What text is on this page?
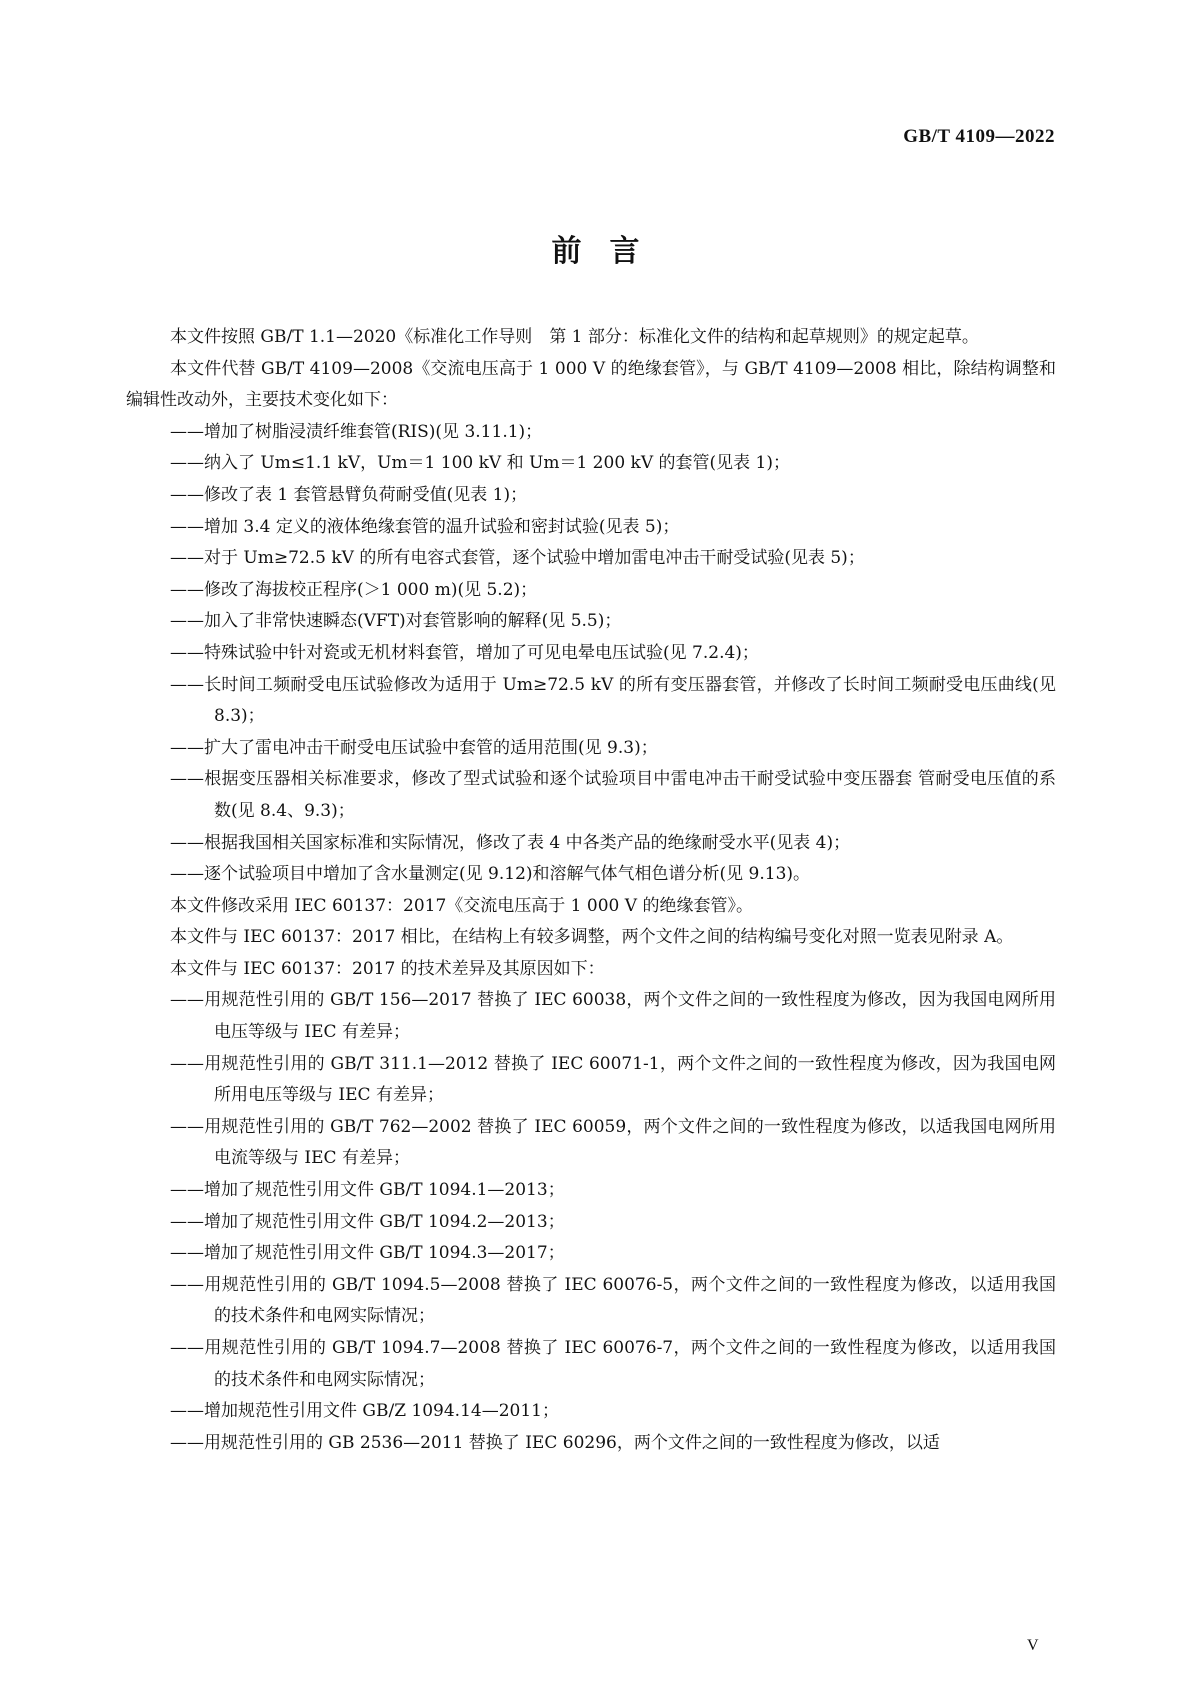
GB/T 4109—2022
前言

本文件按照 GB/T 1.1—2020《标准化工作导则　第 1 部分：标准化文件的结构和起草规则》的规定起草。

本文件代替 GB/T 4109—2008《交流电压高于 1 000 V 的绝缘套管》，与 GB/T 4109—2008 相比，除结构调整和编辑性改动外，主要技术变化如下：

——增加了树脂浸渍纤维套管(RIS)(见 3.11.1)；

——纳入了 Um≤1.1 kV，Um＝1 100 kV 和 Um＝1 200 kV 的套管(见表 1)；

——修改了表 1 套管悬臂负荷耐受值(见表 1)；

——增加 3.4 定义的液体绝缘套管的温升试验和密封试验(见表 5)；

——对于 Um≥72.5 kV 的所有电容式套管，逐个试验中增加雷电冲击干耐受试验(见表 5)；

——修改了海拔校正程序(＞1 000 m)(见 5.2)；

——加入了非常快速瞬态(VFT)对套管影响的解释(见 5.5)；

——特殊试验中针对瓷或无机材料套管，增加了可见电晕电压试验(见 7.2.4)；

——长时间工频耐受电压试验修改为适用于 Um≥72.5 kV 的所有变压器套管，并修改了长时间工频耐受电压曲线(见 8.3)；

——扩大了雷电冲击干耐受电压试验中套管的适用范围(见 9.3)；

——根据变压器相关标准要求，修改了型式试验和逐个试验项目中雷电冲击干耐受试验中变压器套 管耐受电压值的系数(见 8.4、9.3)；

——根据我国相关国家标准和实际情况，修改了表 4 中各类产品的绝缘耐受水平(见表 4)；

——逐个试验项目中增加了含水量测定(见 9.12)和溶解气体气相色谱分析(见 9.13)。

本文件修改采用 IEC 60137：2017《交流电压高于 1 000 V 的绝缘套管》。

本文件与 IEC 60137：2017 相比，在结构上有较多调整，两个文件之间的结构编号变化对照一览表见附录 A。

本文件与 IEC 60137：2017 的技术差异及其原因如下：

——用规范性引用的 GB/T 156—2017 替换了 IEC 60038，两个文件之间的一致性程度为修改，因为我国电网所用电压等级与 IEC 有差异；

——用规范性引用的 GB/T 311.1—2012 替换了 IEC 60071-1，两个文件之间的一致性程度为修改，因为我国电网所用电压等级与 IEC 有差异；

——用规范性引用的 GB/T 762—2002 替换了 IEC 60059，两个文件之间的一致性程度为修改，以适我国电网所用电流等级与 IEC 有差异；

——增加了规范性引用文件 GB/T 1094.1—2013；

——增加了规范性引用文件 GB/T 1094.2—2013；

——增加了规范性引用文件 GB/T 1094.3—2017；

——用规范性引用的 GB/T 1094.5—2008 替换了 IEC 60076-5，两个文件之间的一致性程度为修改，以适用我国的技术条件和电网实际情况；

——用规范性引用的 GB/T 1094.7—2008 替换了 IEC 60076-7，两个文件之间的一致性程度为修改，以适用我国的技术条件和电网实际情况；

——增加规范性引用文件 GB/Z 1094.14—2011；

——用规范性引用的 GB 2536—2011 替换了 IEC 60296，两个文件之间的一致性程度为修改，以适

V
